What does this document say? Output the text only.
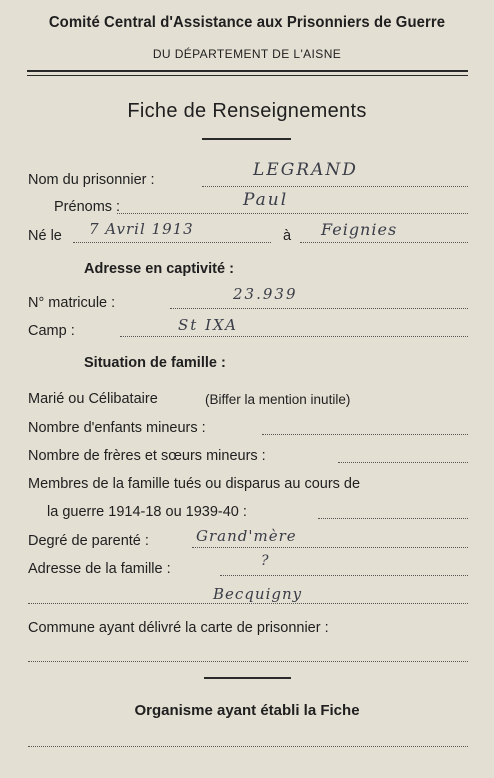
Comité Central d'Assistance aux Prisonniers de Guerre
DU DÉPARTEMENT DE L'AISNE
Fiche de Renseignements
Nom du prisonnier :	LEGRAND
Prénoms :	Paul
Né le 7 Avril 1913	à Feignies
Adresse en captivité :
N° matricule :	23.939
Camp :	St IXA
Situation de famille :
Marié ou Célibataire	(Biffer la mention inutile)
Nombre d'enfants mineurs :
Nombre de frères et sœurs mineurs :
Membres de la famille tués ou disparus au cours de
la guerre 1914-18 ou 1939-40 :
Degré de parenté :	Grand'mère
Adresse de la famille :	?
Becquigny
Commune ayant délivré la carte de prisonnier :
Organisme ayant établi la Fiche
